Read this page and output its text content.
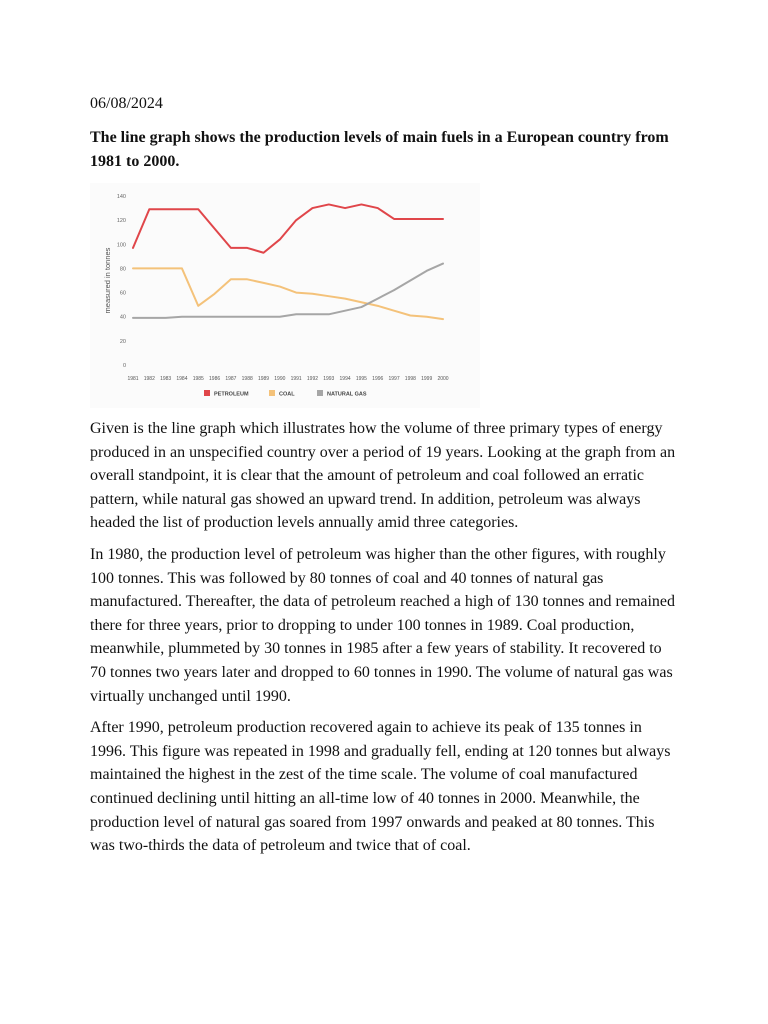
06/08/2024

The line graph shows the production levels of main fuels in a European country from 1981 to 2000.

measured in tonnes
0
20
40
60
80
100
120
140
1981 1982 1983 1984 1985 1986 1987 1988 1989 1990 1991 1992 1993 1994 1995 1996 1997 1998 1999 2000
PETROLEUM	COAL	NATURAL GAS

Given is the line graph which illustrates how the volume of three primary types of energy produced in an unspecified country over a period of 19 years. Looking at the graph from an overall standpoint, it is clear that the amount of petroleum and coal followed an erratic pattern, while natural gas showed an upward trend. In addition, petroleum was always headed the list of production levels annually amid three categories.

In 1980, the production level of petroleum was higher than the other figures, with roughly 100 tonnes. This was followed by 80 tonnes of coal and 40 tonnes of natural gas manufactured. Thereafter, the data of petroleum reached a high of 130 tonnes and remained there for three years, prior to dropping to under 100 tonnes in 1989. Coal production, meanwhile, plummeted by 30 tonnes in 1985 after a few years of stability. It recovered to 70 tonnes two years later and dropped to 60 tonnes in 1990. The volume of natural gas was virtually unchanged until 1990.

After 1990, petroleum production recovered again to achieve its peak of 135 tonnes in 1996. This figure was repeated in 1998 and gradually fell, ending at 120 tonnes but always maintained the highest in the zest of the time scale. The volume of coal manufactured continued declining until hitting an all-time low of 40 tonnes in 2000. Meanwhile, the production level of natural gas soared from 1997 onwards and peaked at 80 tonnes. This was two-thirds the data of petroleum and twice that of coal.
